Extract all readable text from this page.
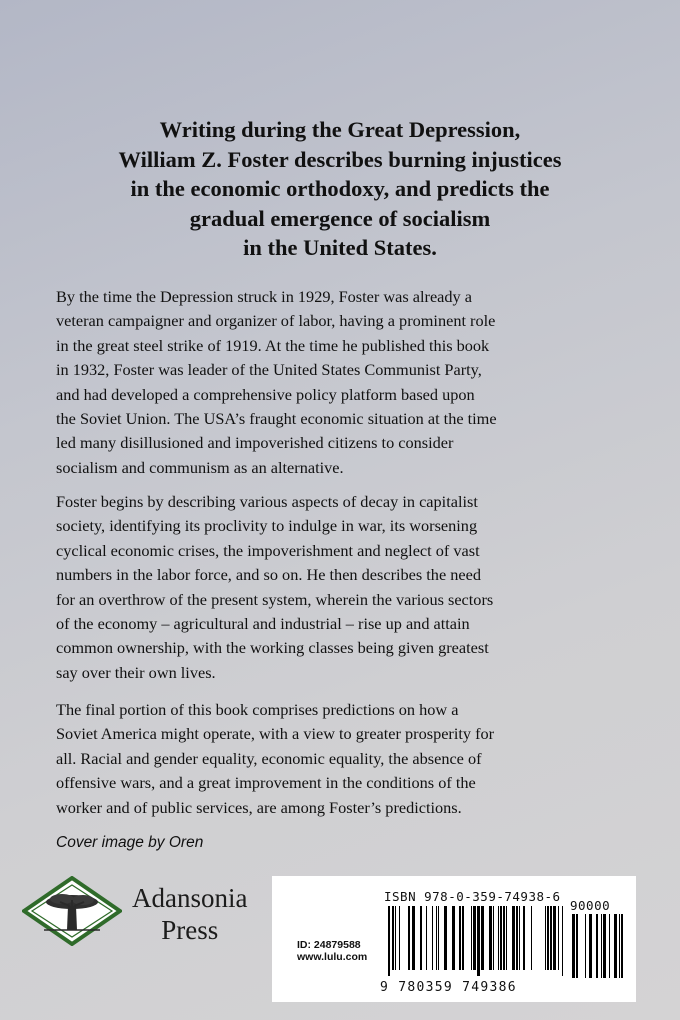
Writing during the Great Depression,
William Z. Foster describes burning injustices
in the economic orthodoxy, and predicts the
gradual emergence of socialism
in the United States.

By the time the Depression struck in 1929, Foster was already a
veteran campaigner and organizer of labor, having a prominent role
in the great steel strike of 1919. At the time he published this book
in 1932, Foster was leader of the United States Communist Party,
and had developed a comprehensive policy platform based upon
the Soviet Union. The USA’s fraught economic situation at the time
led many disillusioned and impoverished citizens to consider
socialism and communism as an alternative.

Foster begins by describing various aspects of decay in capitalist
society, identifying its proclivity to indulge in war, its worsening
cyclical economic crises, the impoverishment and neglect of vast
numbers in the labor force, and so on. He then describes the need
for an overthrow of the present system, wherein the various sectors
of the economy – agricultural and industrial – rise up and attain
common ownership, with the working classes being given greatest
say over their own lives.

The final portion of this book comprises predictions on how a
Soviet America might operate, with a view to greater prosperity for
all. Racial and gender equality, economic equality, the absence of
offensive wars, and a great improvement in the conditions of the
worker and of public services, are among Foster’s predictions.

Cover image by Oren
Adansonia
Press
ISBN 978-0-359-74938-6
90000
ID: 24879588
www.lulu.com
9 780359 749386
